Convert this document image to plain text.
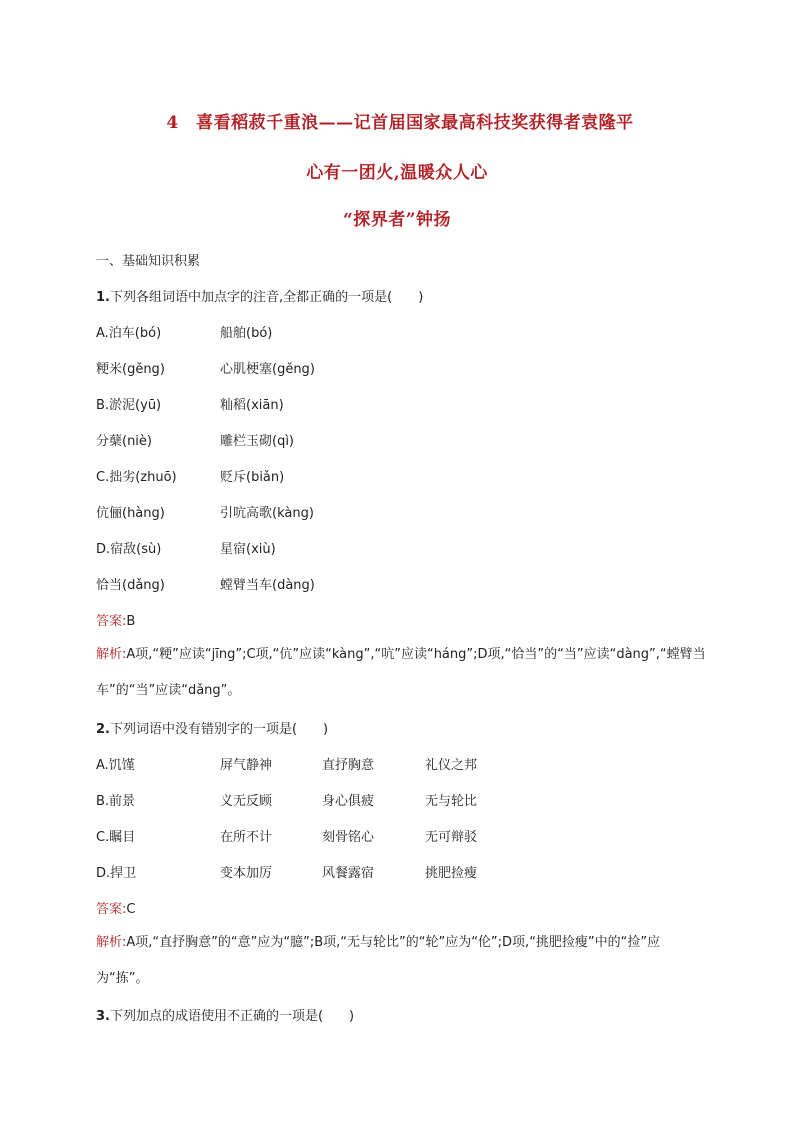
4　喜看稻菽千重浪——记首届国家最高科技奖获得者袁隆平
心有一团火,温暖众人心
“探界者”钟扬
一、基础知识积累
1.下列各组词语中加点字的注音,全都正确的一项是(　　)
A.泊车(bó)	船舶(bó)
粳米(gěng)	心肌梗塞(gěng)
B.淤泥(yū)	籼稻(xiān)
分蘖(niè)	雕栏玉砌(qì)
C.拙劣(zhuō)	贬斥(biǎn)
伉俪(hàng)	引吭高歌(kàng)
D.宿敌(sù)	星宿(xiù)
恰当(dǎng)	螳臂当车(dàng)
答案:B
解析:A项,“粳”应读“jīng”;C项,“伉”应读“kàng”,“吭”应读“háng”;D项,“恰当”的“当”应读“dàng”,“螳臂当车”的“当”应读“dǎng”。
2.下列词语中没有错别字的一项是(　　)
A.饥馑	屏气静神	直抒胸意	礼仪之邦
B.前景	义无反顾	身心俱疲	无与轮比
C.瞩目	在所不计	刻骨铭心	无可辩驳
D.捍卫	变本加厉	风餐露宿	挑肥捡瘦
答案:C
解析:A项,“直抒胸意”的“意”应为“臆”;B项,“无与轮比”的“轮”应为“伦”;D项,“挑肥捡瘦”中的“捡”应为“拣”。
3.下列加点的成语使用不正确的一项是(　　)
